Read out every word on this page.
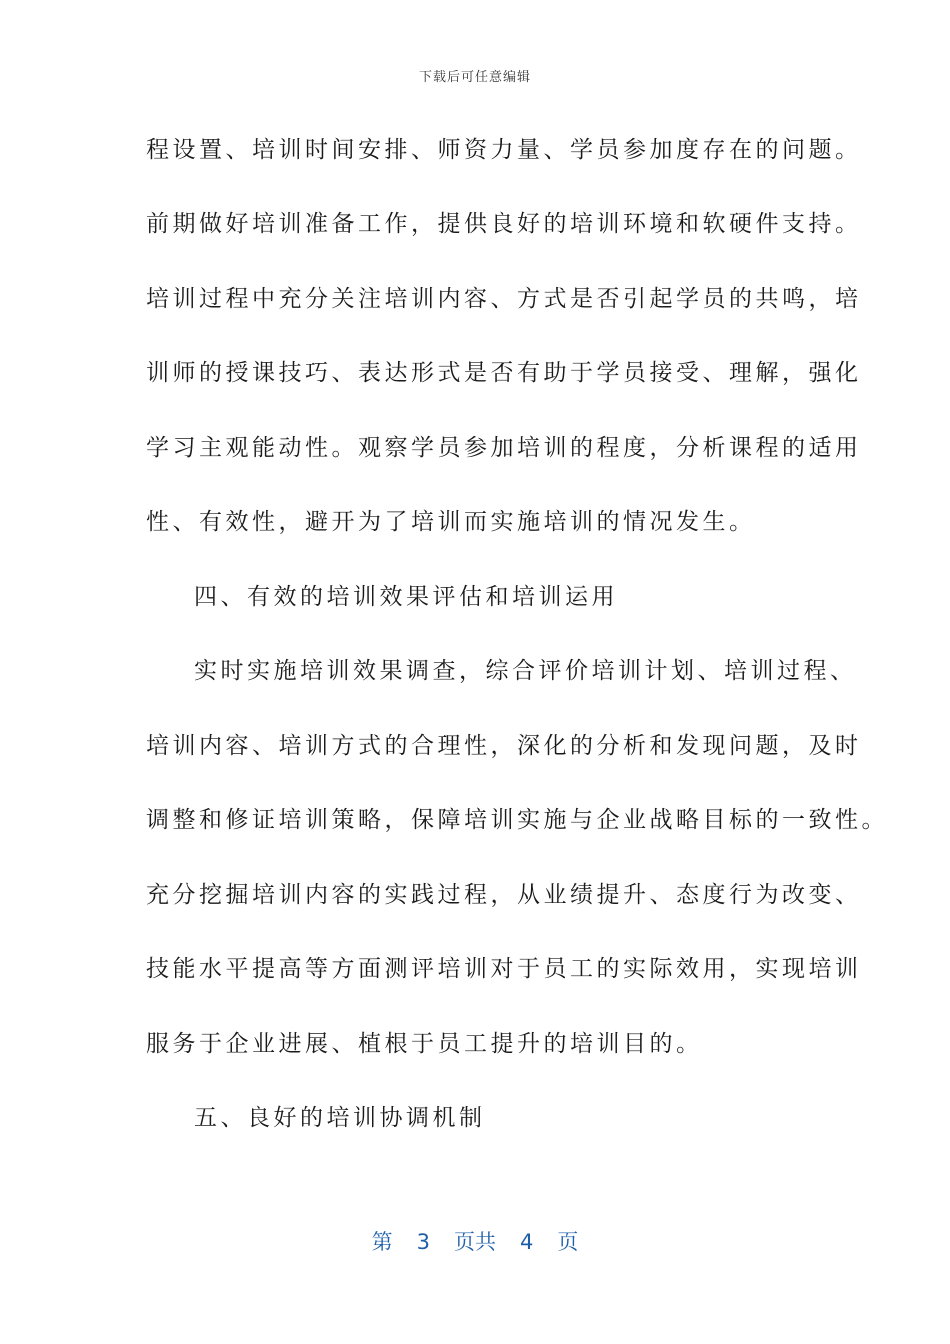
下载后可任意编辑
程设置、培训时间安排、师资力量、学员参加度存在的问题。
前期做好培训准备工作，提供良好的培训环境和软硬件支持。
培训过程中充分关注培训内容、方式是否引起学员的共鸣，培
训师的授课技巧、表达形式是否有助于学员接受、理解，强化
学习主观能动性。观察学员参加培训的程度，分析课程的适用
性、有效性，避开为了培训而实施培训的情况发生。
四、有效的培训效果评估和培训运用
实时实施培训效果调查，综合评价培训计划、培训过程、
培训内容、培训方式的合理性，深化的分析和发现问题，及时
调整和修证培训策略，保障培训实施与企业战略目标的一致性。
充分挖掘培训内容的实践过程，从业绩提升、态度行为改变、
技能水平提高等方面测评培训对于员工的实际效用，实现培训
服务于企业进展、植根于员工提升的培训目的。
五、良好的培训协调机制
第 3 页共 4 页
